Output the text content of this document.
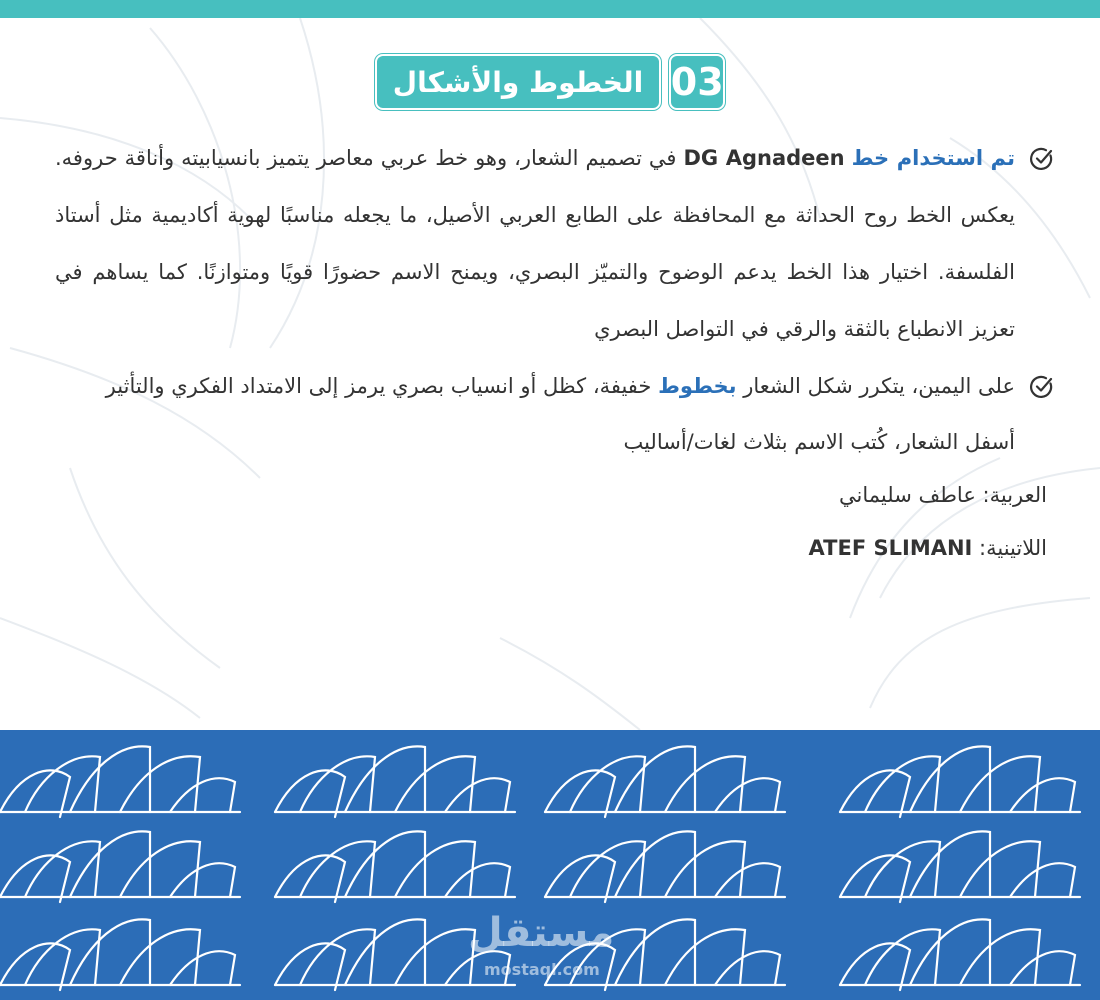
الخطوط والأشكال 03
تم استخدام خط DG Agnadeen في تصميم الشعار، وهو خط عربي معاصر يتميز بانسيابيته وأناقة حروفه. يعكس الخط روح الحداثة مع المحافظة على الطابع العربي الأصيل، ما يجعله مناسبًا لهوية أكاديمية مثل أستاذ الفلسفة. اختيار هذا الخط يدعم الوضوح والتميّز البصري، ويمنح الاسم حضورًا قويًا ومتوازنًا. كما يساهم في تعزيز الانطباع بالثقة والرقي في التواصل البصري
على اليمين، يتكرر شكل الشعار بخطوط خفيفة، كظل أو انسياب بصري يرمز إلى الامتداد الفكري والتأثير
أسفل الشعار، كُتب الاسم بثلاث لغات/أساليب
العربية: عاطف سليماني
اللاتينية: ATEF SLIMANI
مستقل
mostaql.com
